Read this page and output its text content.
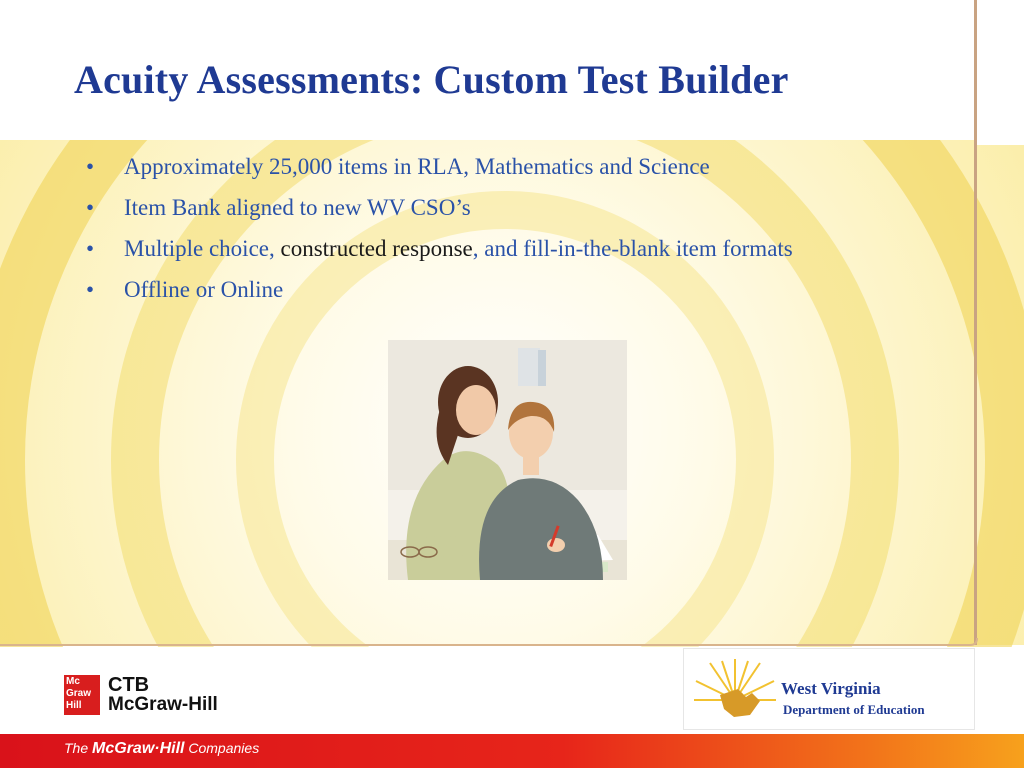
Acuity Assessments: Custom Test Builder
• Approximately 25,000 items in RLA, Mathematics and Science
• Item Bank aligned to new WV CSO’s
• Multiple choice, constructed response, and fill-in-the-blank item formats
• Offline or Online
Mc
Graw
Hill
CTB
McGraw-Hill
West Virginia
Department of Education
The McGraw·Hill Companies
